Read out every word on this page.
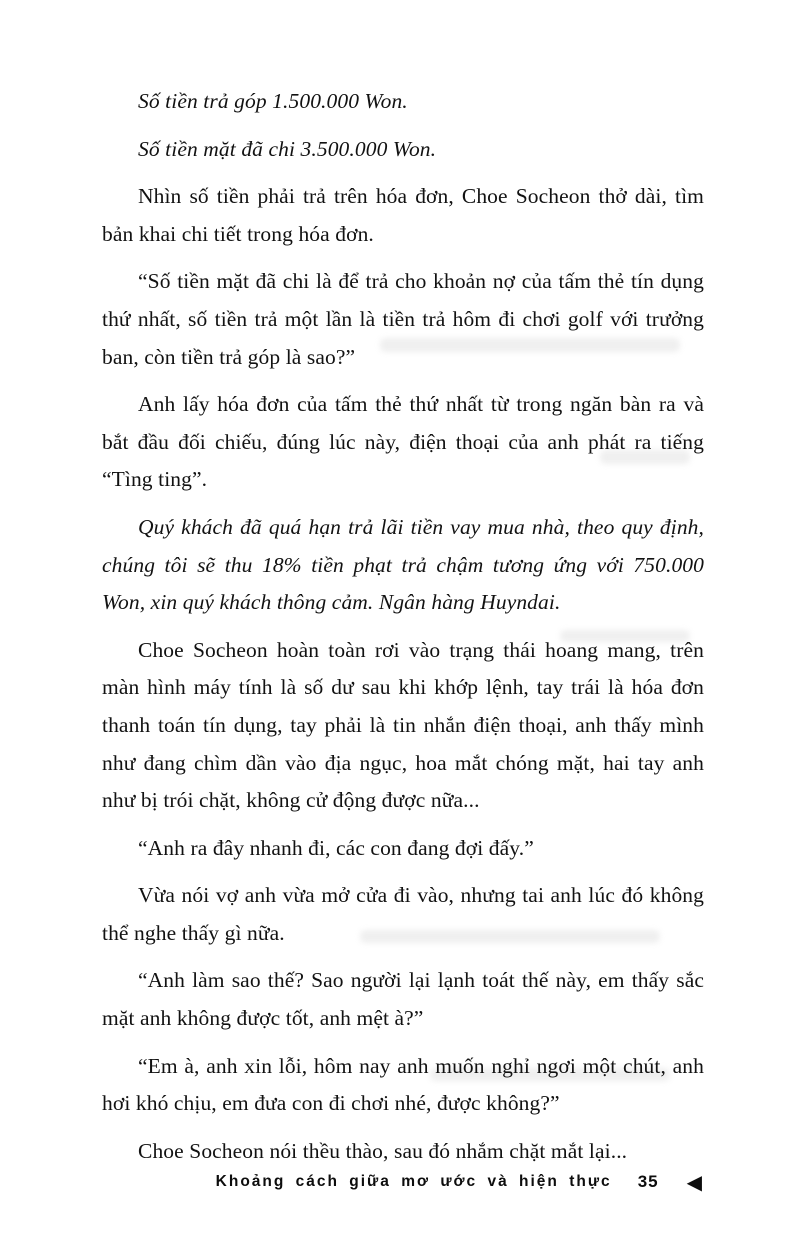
Số tiền trả góp 1.500.000 Won.

Số tiền mặt đã chi 3.500.000 Won.

Nhìn số tiền phải trả trên hóa đơn, Choe Socheon thở dài, tìm bản khai chi tiết trong hóa đơn.

“Số tiền mặt đã chi là để trả cho khoản nợ của tấm thẻ tín dụng thứ nhất, số tiền trả một lần là tiền trả hôm đi chơi golf với trưởng ban, còn tiền trả góp là sao?”

Anh lấy hóa đơn của tấm thẻ thứ nhất từ trong ngăn bàn ra và bắt đầu đối chiếu, đúng lúc này, điện thoại của anh phát ra tiếng “Tìng ting”.

Quý khách đã quá hạn trả lãi tiền vay mua nhà, theo quy định, chúng tôi sẽ thu 18% tiền phạt trả chậm tương ứng với 750.000 Won, xin quý khách thông cảm. Ngân hàng Huyndai.

Choe Socheon hoàn toàn rơi vào trạng thái hoang mang, trên màn hình máy tính là số dư sau khi khớp lệnh, tay trái là hóa đơn thanh toán tín dụng, tay phải là tin nhắn điện thoại, anh thấy mình như đang chìm dần vào địa ngục, hoa mắt chóng mặt, hai tay anh như bị trói chặt, không cử động được nữa...

“Anh ra đây nhanh đi, các con đang đợi đấy.”

Vừa nói vợ anh vừa mở cửa đi vào, nhưng tai anh lúc đó không thể nghe thấy gì nữa.

“Anh làm sao thế? Sao người lại lạnh toát thế này, em thấy sắc mặt anh không được tốt, anh mệt à?”

“Em à, anh xin lỗi, hôm nay anh muốn nghỉ ngơi một chút, anh hơi khó chịu, em đưa con đi chơi nhé, được không?”

Choe Socheon nói thều thào, sau đó nhắm chặt mắt lại...

Khoảng cách giữa mơ ước và hiện thực 35 ◀
